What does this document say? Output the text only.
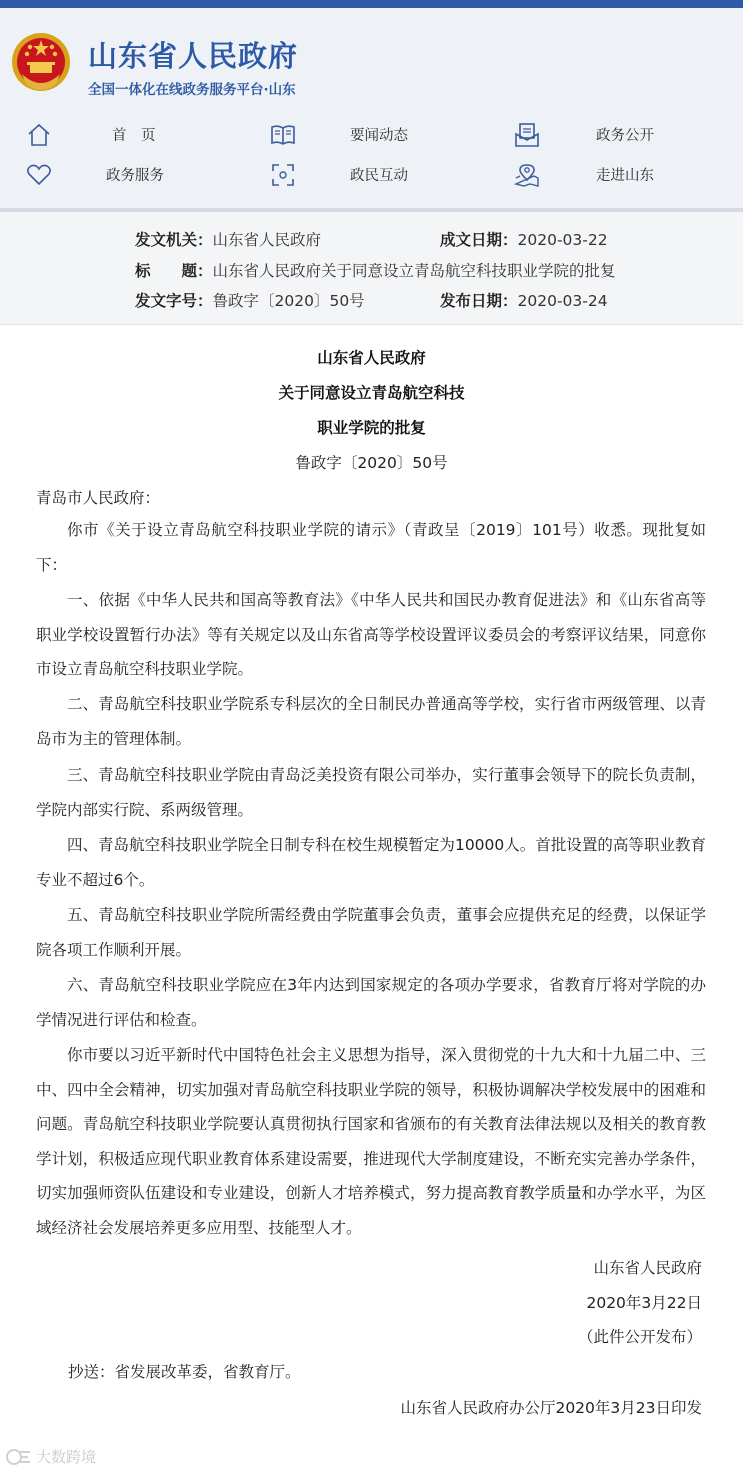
山东省人民政府
全国一体化在线政务服务平台·山东
首　页	要闻动态	政务公开
政务服务	政民互动	走进山东
发文机关：山东省人民政府	成文日期：2020-03-22
标　　题：山东省人民政府关于同意设立青岛航空科技职业学院的批复
发文字号：鲁政字〔2020〕50号	发布日期：2020-03-24
山东省人民政府
关于同意设立青岛航空科技
职业学院的批复
鲁政字〔2020〕50号
青岛市人民政府：
你市《关于设立青岛航空科技职业学院的请示》（青政呈〔2019〕101号）收悉。现批复如下：
一、依据《中华人民共和国高等教育法》《中华人民共和国民办教育促进法》和《山东省高等职业学校设置暂行办法》等有关规定以及山东省高等学校设置评议委员会的考察评议结果，同意你市设立青岛航空科技职业学院。
二、青岛航空科技职业学院系专科层次的全日制民办普通高等学校，实行省市两级管理、以青岛市为主的管理体制。
三、青岛航空科技职业学院由青岛泛美投资有限公司举办，实行董事会领导下的院长负责制，学院内部实行院、系两级管理。
四、青岛航空科技职业学院全日制专科在校生规模暂定为10000人。首批设置的高等职业教育专业不超过6个。
五、青岛航空科技职业学院所需经费由学院董事会负责，董事会应提供充足的经费，以保证学院各项工作顺利开展。
六、青岛航空科技职业学院应在3年内达到国家规定的各项办学要求，省教育厅将对学院的办学情况进行评估和检查。
你市要以习近平新时代中国特色社会主义思想为指导，深入贯彻党的十九大和十九届二中、三中、四中全会精神，切实加强对青岛航空科技职业学院的领导，积极协调解决学校发展中的困难和问题。青岛航空科技职业学院要认真贯彻执行国家和省颁布的有关教育法律法规以及相关的教育教学计划，积极适应现代职业教育体系建设需要，推进现代大学制度建设，不断充实完善办学条件，切实加强师资队伍建设和专业建设，创新人才培养模式，努力提高教育教学质量和办学水平，为区域经济社会发展培养更多应用型、技能型人才。
山东省人民政府
2020年3月22日
（此件公开发布）
抄送：省发展改革委，省教育厅。
山东省人民政府办公厅2020年3月23日印发
大数跨境
